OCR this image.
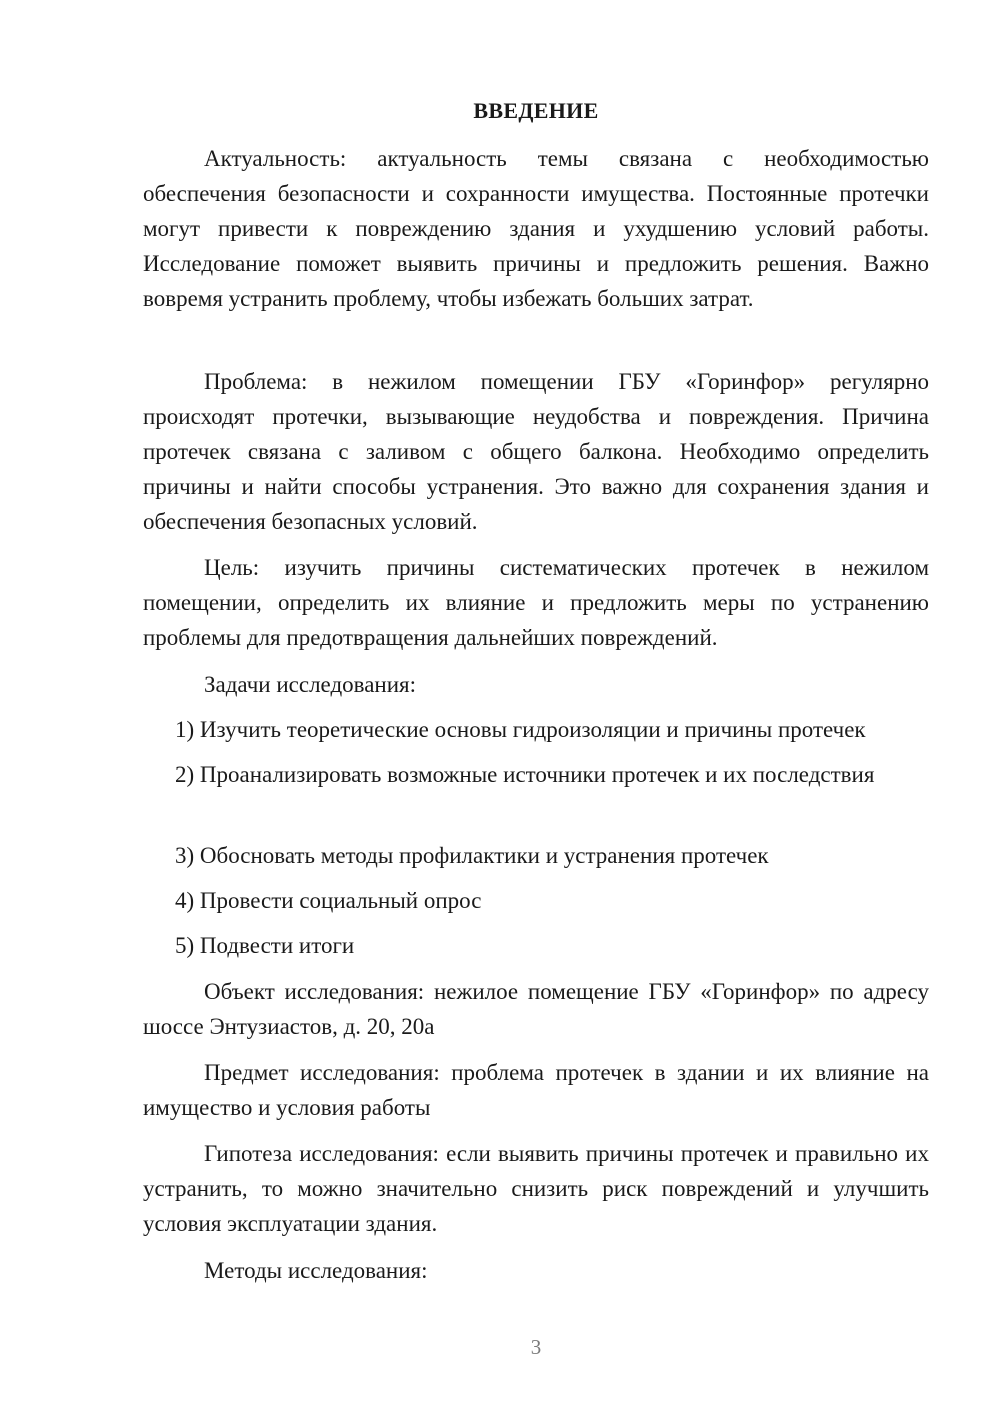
ВВЕДЕНИЕ

Актуальность: актуальность темы связана с необходимостью обеспечения безопасности и сохранности имущества. Постоянные протечки могут привести к повреждению здания и ухудшению условий работы. Исследование поможет выявить причины и предложить решения. Важно вовремя устранить проблему, чтобы избежать больших затрат.

Проблема: в нежилом помещении ГБУ «Горинфор» регулярно происходят протечки, вызывающие неудобства и повреждения. Причина протечек связана с заливом с общего балкона. Необходимо определить причины и найти способы устранения. Это важно для сохранения здания и обеспечения безопасных условий.

Цель: изучить причины систематических протечек в нежилом помещении, определить их влияние и предложить меры по устранению проблемы для предотвращения дальнейших повреждений.

Задачи исследования:

1) Изучить теоретические основы гидроизоляции и причины протечек

2) Проанализировать возможные источники протечек и их последствия

3) Обосновать методы профилактики и устранения протечек

4) Провести социальный опрос

5) Подвести итоги

Объект исследования: нежилое помещение ГБУ «Горинфор» по адресу шоссе Энтузиастов, д. 20, 20а

Предмет исследования: проблема протечек в здании и их влияние на имущество и условия работы

Гипотеза исследования: если выявить причины протечек и правильно их устранить, то можно значительно снизить риск повреждений и улучшить условия эксплуатации здания.

Методы исследования:

3
